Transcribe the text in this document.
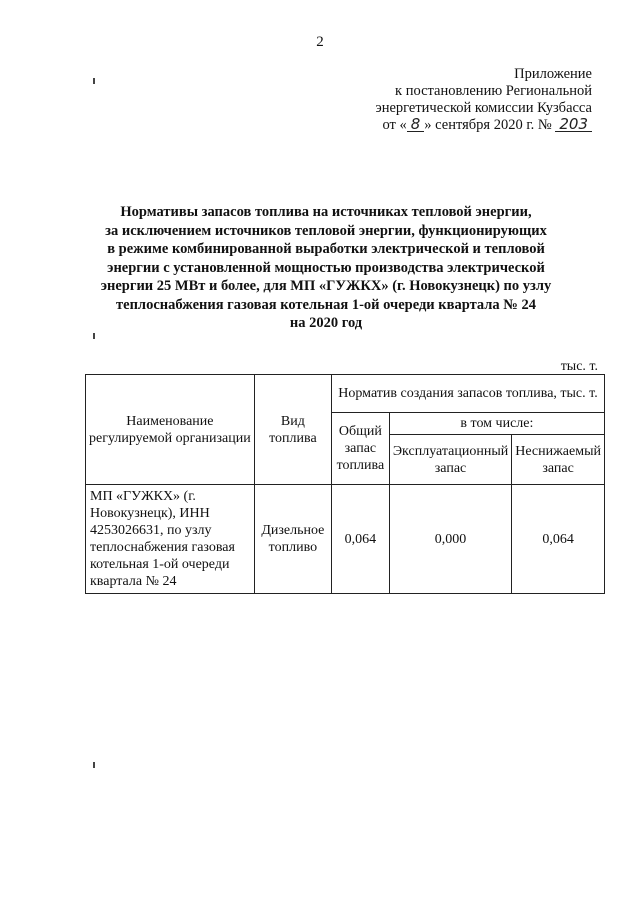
2
Приложение
к постановлению Региональной
энергетической комиссии Кузбасса
от « 8 » сентября 2020 г. № 203
Нормативы запасов топлива на источниках тепловой энергии,
за исключением источников тепловой энергии, функционирующих
в режиме комбинированной выработки электрической и тепловой
энергии с установленной мощностью производства электрической
энергии 25 МВт и более, для МП «ГУЖКХ» (г. Новокузнецк) по узлу
теплоснабжения газовая котельная 1-ой очереди квартала № 24
на 2020 год
тыс. т.
Наименование регулируемой организации	Вид топлива	Норматив создания запасов топлива, тыс. т.		
		Общий запас топлива	в том числе:	
			Эксплуатационный запас	Неснижаемый запас
МП «ГУЖКХ» (г. Новокузнецк), ИНН 4253026631, по узлу теплоснабжения газовая котельная 1-ой очереди квартала № 24	Дизельное топливо	0,064	0,000	0,064
